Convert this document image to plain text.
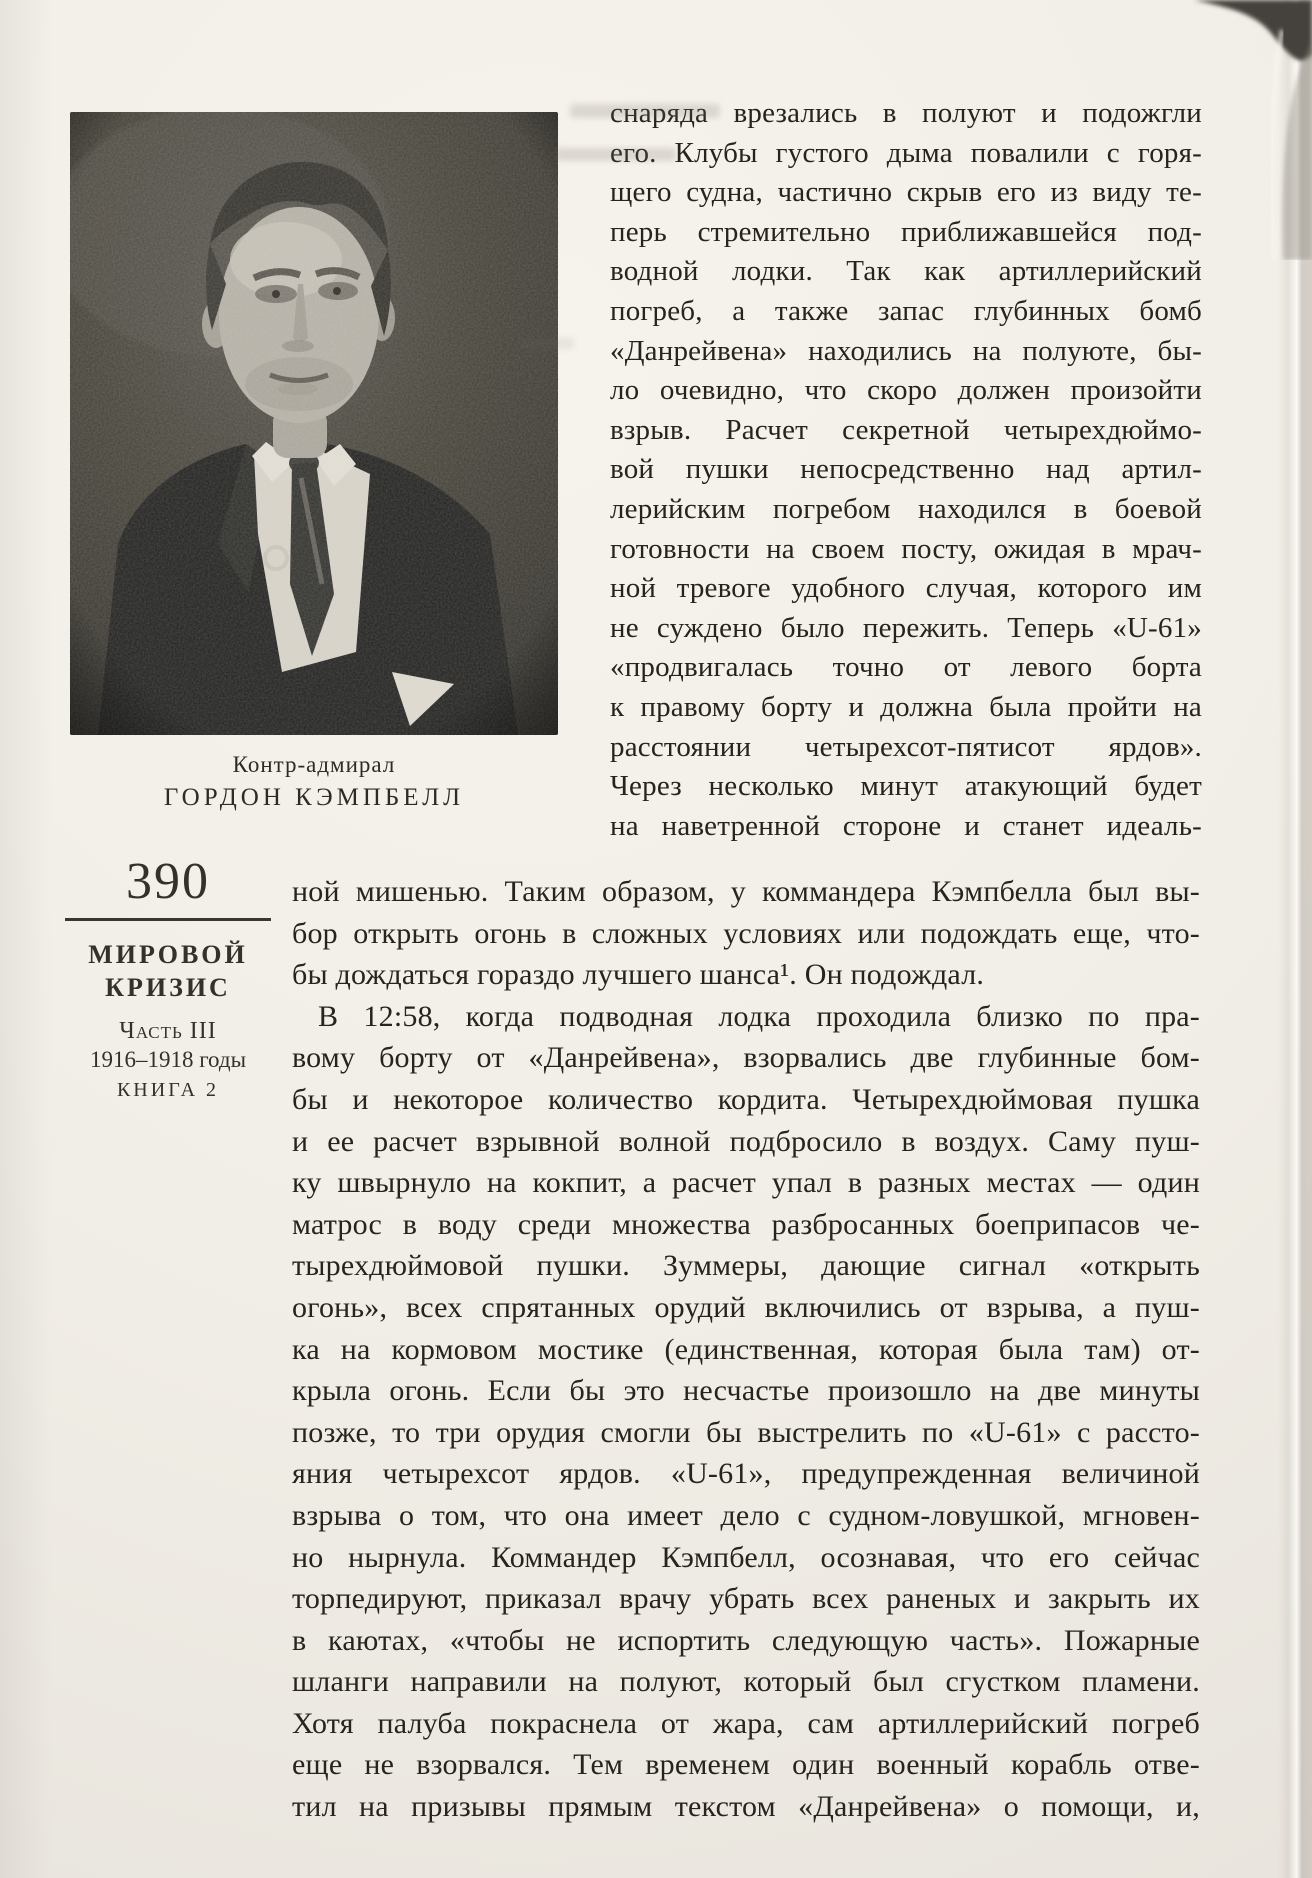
Контр-адмирал
ГОРДОН КЭМПБЕЛЛ
390
МИРОВОЙ
КРИЗИС
Часть III
1916–1918 годы
КНИГА 2
снаряда врезались в полуют и подожгли
его. Клубы густого дыма повалили с горя-
щего судна, частично скрыв его из виду те-
перь стремительно приближавшейся под-
водной лодки. Так как артиллерийский
погреб, а также запас глубинных бомб
«Данрейвена» находились на полуюте, бы-
ло очевидно, что скоро должен произойти
взрыв. Расчет секретной четырехдюймо-
вой пушки непосредственно над артил-
лерийским погребом находился в боевой
готовности на своем посту, ожидая в мрач-
ной тревоге удобного случая, которого им
не суждено было пережить. Теперь «U-61»
«продвигалась точно от левого борта
к правому борту и должна была пройти на
расстоянии четырехсот-пятисот ярдов».
Через несколько минут атакующий будет
на наветренной стороне и станет идеаль-
ной мишенью. Таким образом, у коммандера Кэмпбелла был вы-
бор открыть огонь в сложных условиях или подождать еще, что-
бы дождаться гораздо лучшего шанса¹. Он подождал.
В 12:58, когда подводная лодка проходила близко по пра-
вому борту от «Данрейвена», взорвались две глубинные бом-
бы и некоторое количество кордита. Четырехдюймовая пушка
и ее расчет взрывной волной подбросило в воздух. Саму пуш-
ку швырнуло на кокпит, а расчет упал в разных местах — один
матрос в воду среди множества разбросанных боеприпасов че-
тырехдюймовой пушки. Зуммеры, дающие сигнал «открыть
огонь», всех спрятанных орудий включились от взрыва, а пуш-
ка на кормовом мостике (единственная, которая была там) от-
крыла огонь. Если бы это несчастье произошло на две минуты
позже, то три орудия смогли бы выстрелить по «U-61» с рассто-
яния четырехсот ярдов. «U-61», предупрежденная величиной
взрыва о том, что она имеет дело с судном-ловушкой, мгновен-
но нырнула. Коммандер Кэмпбелл, осознавая, что его сейчас
торпедируют, приказал врачу убрать всех раненых и закрыть их
в каютах, «чтобы не испортить следующую часть». Пожарные
шланги направили на полуют, который был сгустком пламени.
Хотя палуба покраснела от жара, сам артиллерийский погреб
еще не взорвался. Тем временем один военный корабль отве-
тил на призывы прямым текстом «Данрейвена» о помощи, и,
